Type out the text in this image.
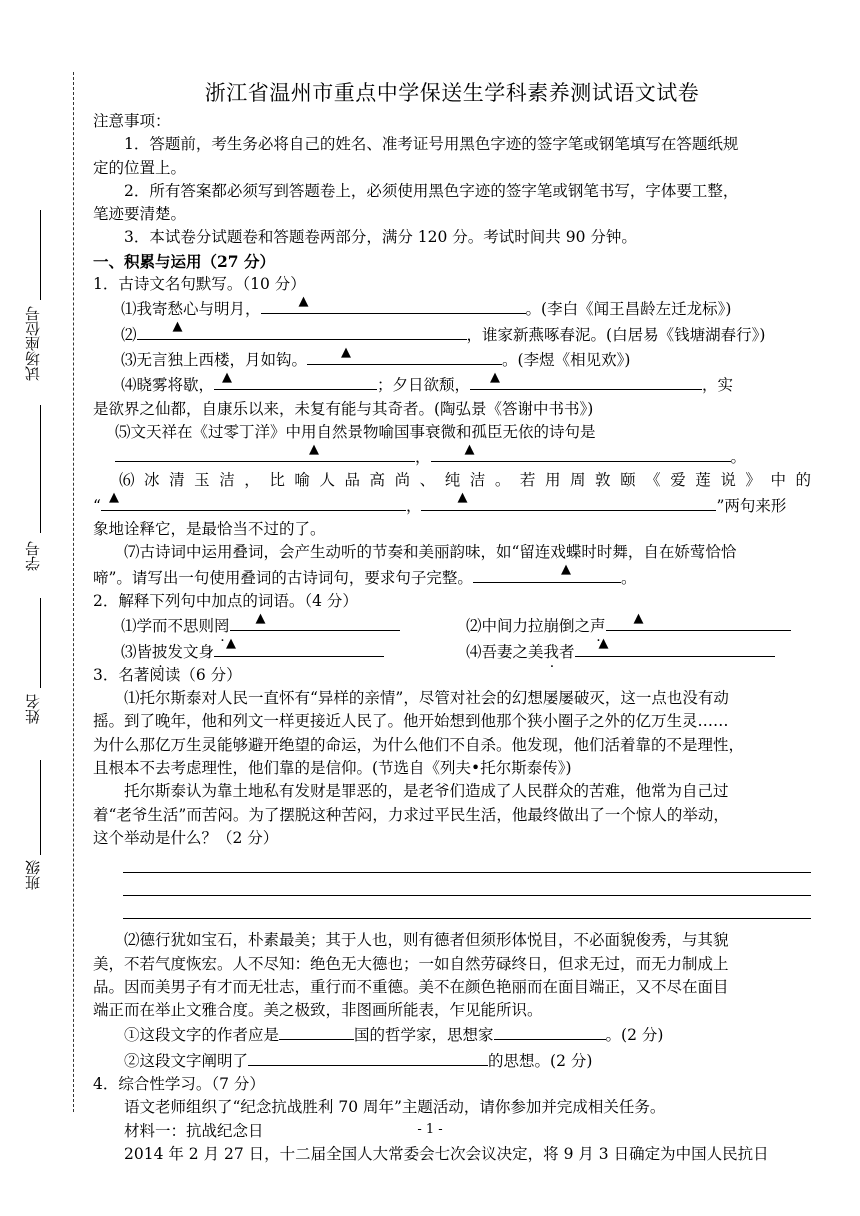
试场座位号
学号
姓名
班级
浙江省温州市重点中学保送生学科素养测试语文试卷

注意事项：

1．答题前，考生务必将自己的姓名、准考证号用黑色字迹的签字笔或钢笔填写在答题纸规

定的位置上。

2．所有答案都必须写到答题卷上，必须使用黑色字迹的签字笔或钢笔书写，字体要工整，

笔迹要清楚。

3．本试卷分试题卷和答题卷两部分，满分 120 分。考试时间共 90 分钟。

一、积累与运用（27 分）

1．古诗文名句默写。（10 分）

⑴我寄愁心与明月，	▲	。(李白《闻王昌龄左迁龙标》)

⑵	▲	，谁家新燕啄春泥。(白居易《钱塘湖春行》)

⑶无言独上西楼，月如钩。	▲	。(李煜《相见欢》)

⑷晓雾将歇， ▲	；夕日欲颓， ▲	，实

是欲界之仙都，自康乐以来，未复有能与其奇者。(陶弘景《答谢中书书》)

⑸文天祥在《过零丁洋》中用自然景物喻国事衰微和孤臣无依的诗句是

▲	，	▲	。

⑹ 冰 清 玉 洁 ， 比 喻 人 品 高 尚 、 纯 洁 。 若 用 周 敦 颐 《 爱 莲 说 》 中 的

“ ▲	，	▲	”两句来形

象地诠释它，是最恰当不过的了。

⑺古诗词中运用叠词，会产生动听的节奏和美丽韵味，如“留连戏蝶时时舞，自在娇莺恰恰

啼”。请写出一句使用叠词的古诗词句，要求句子完整。	▲	。

2．解释下列句中加点的词语。（4 分）

⑴学而不思则罔 ▲	⑵中间力拉崩倒之声 ▲
⑶皆披发文身 ▲	⑷吾妻之美我者 ▲

3．名著阅读（6 分）

⑴托尔斯泰对人民一直怀有“异样的亲情”，尽管对社会的幻想屡屡破灭，这一点也没有动

摇。到了晚年，他和列文一样更接近人民了。他开始想到他那个狭小圈子之外的亿万生灵……

为什么那亿万生灵能够避开绝望的命运，为什么他们不自杀。他发现，他们活着靠的不是理性，

且根本不去考虑理性，他们靠的是信仰。(节选自《列夫•托尔斯泰传》)

托尔斯泰认为靠土地私有发财是罪恶的，是老爷们造成了人民群众的苦难，他常为自己过

着“老爷生活”而苦闷。为了摆脱这种苦闷，力求过平民生活，他最终做出了一个惊人的举动，

这个举动是什么？（2 分）

⑵德行犹如宝石，朴素最美；其于人也，则有德者但须形体悦目，不必面貌俊秀，与其貌

美，不若气度恢宏。人不尽知：绝色无大德也；一如自然劳碌终日，但求无过，而无力制成上

品。因而美男子有才而无壮志，重行而不重德。美不在颜色艳丽而在面目端正，又不尽在面目

端正而在举止文雅合度。美之极致，非图画所能表，乍见能所识。

①这段文字的作者应是	国的哲学家，思想家	。(2 分)

②这段文字阐明了	的思想。(2 分)

4．综合性学习。（7 分）

语文老师组织了“纪念抗战胜利 70 周年”主题活动，请你参加并完成相关任务。

材料一：抗战纪念日

2014 年 2 月 27 日，十二届全国人大常委会七次会议决定，将 9 月 3 日确定为中国人民抗日

- 1 -
